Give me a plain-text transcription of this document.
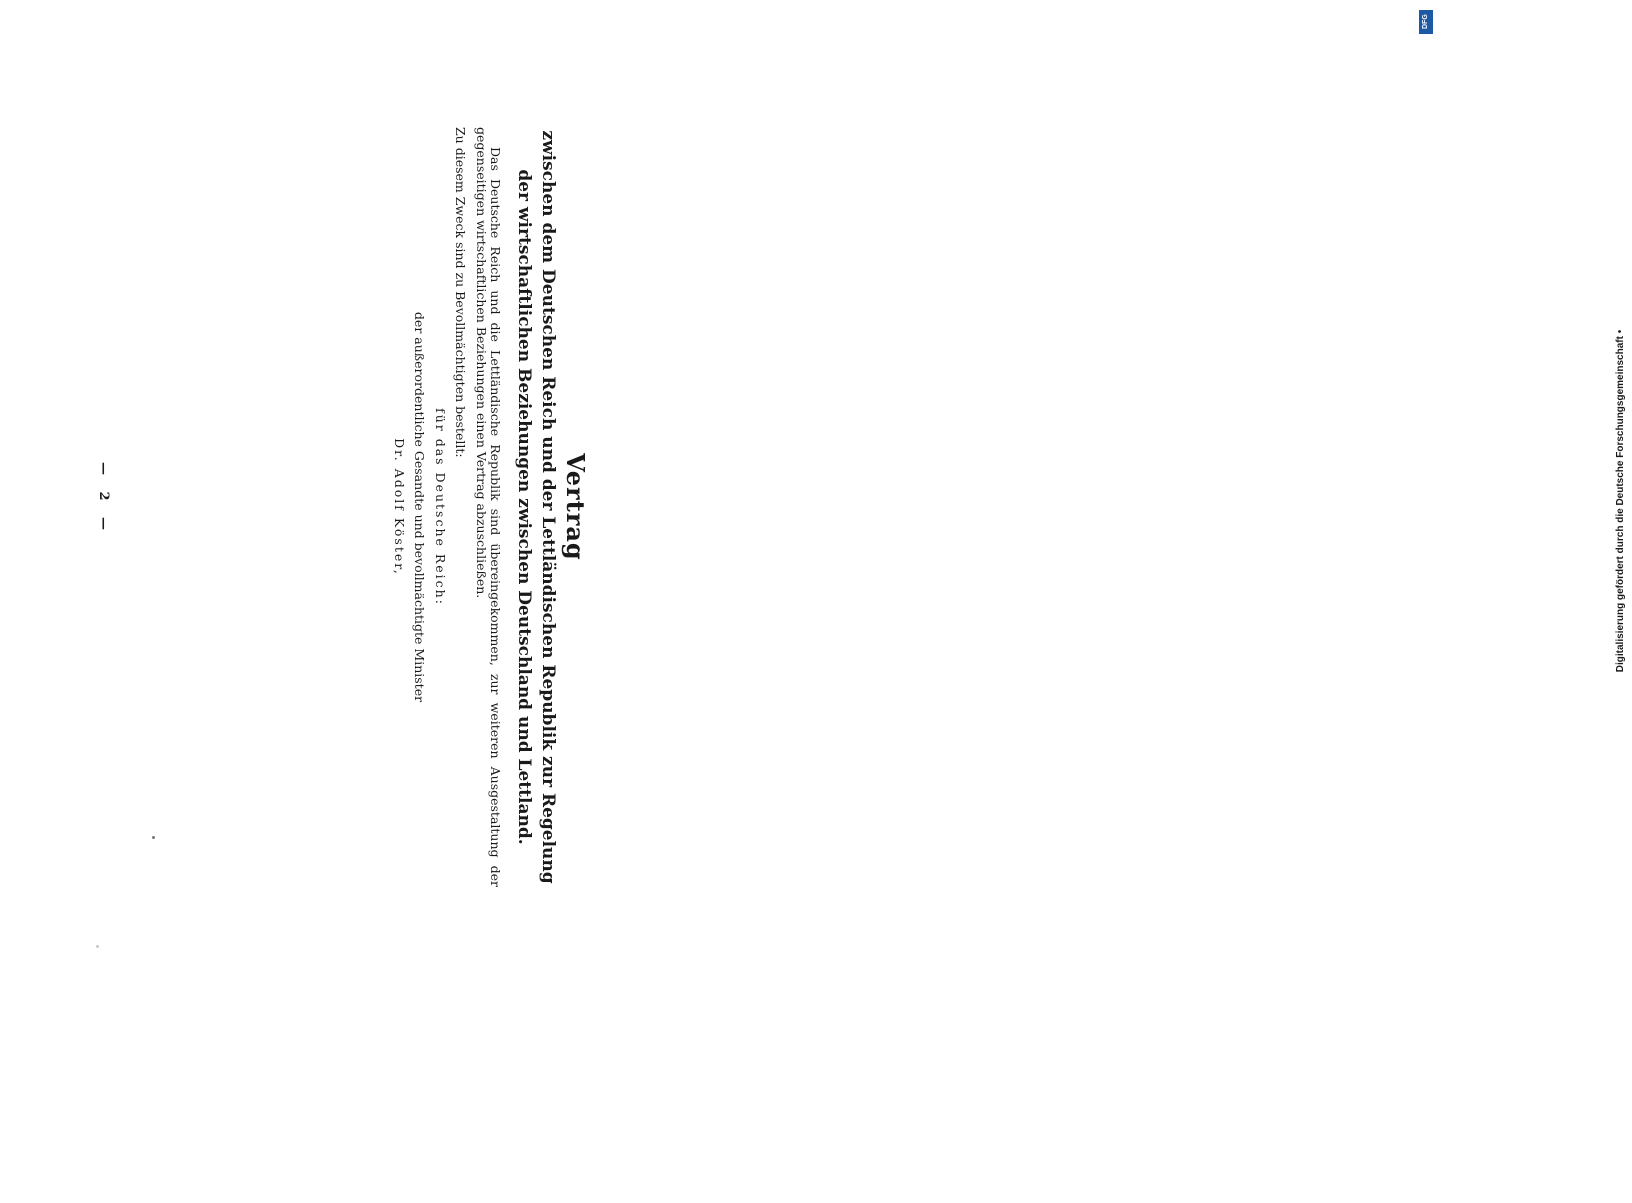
— 2 —	Vertrag
zwischen dem Deutschen Reich und der Lettländischen Republik zur Regelung der wirtschaftlichen Beziehungen zwischen Deutschland und Lettland.

Das Deutsche Reich und die Lettländische Republik sind übereingekommen, zur weiteren Ausgestaltung der gegenseitigen wirtschaftlichen Beziehungen einen Vertrag abzuschließen.

Zu diesem Zweck sind zu Bevollmächtigten bestellt:

für das Deutsche Reich:

der außerordentliche Gesandte und bevollmächtigte Minister

Dr. Adolf Köster,	Digitalisierung gefördert durch die Deutsche Forschungsgemeinschaft •
DFG
